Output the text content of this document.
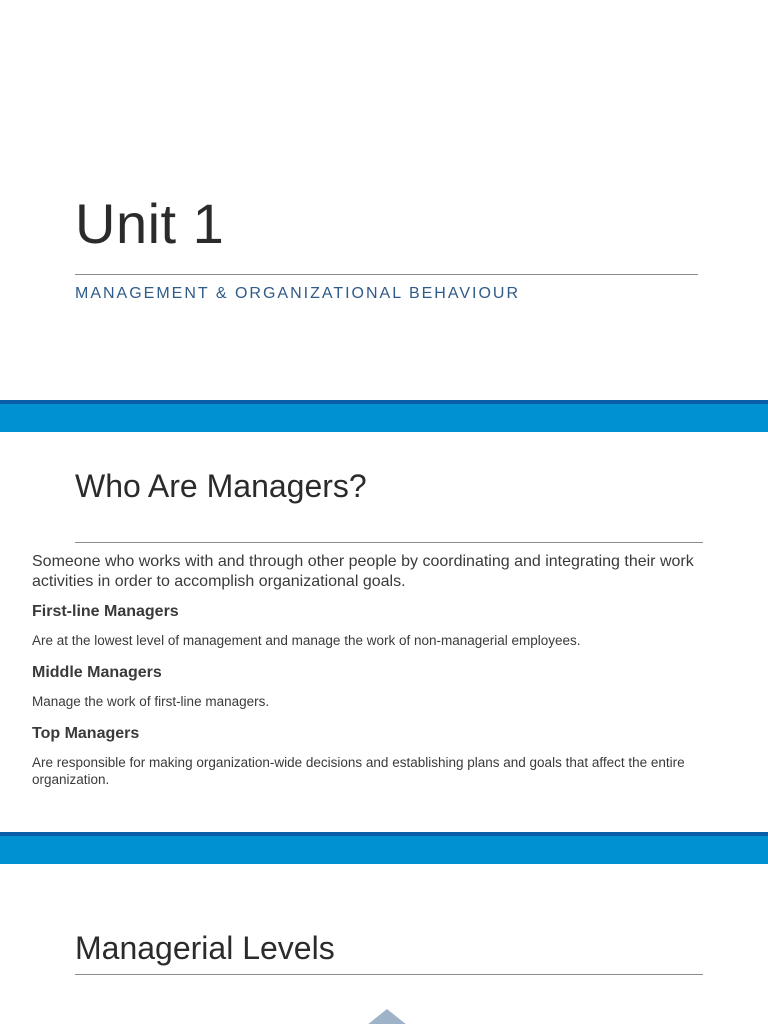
Unit 1
MANAGEMENT & ORGANIZATIONAL BEHAVIOUR
Who Are Managers?

Someone who works with and through other people by coordinating and integrating their work activities in order to accomplish organizational goals.

First-line Managers

Are at the lowest level of management and manage the work of non-managerial employees.

Middle Managers

Manage the work of first-line managers.

Top Managers

Are responsible for making organization-wide decisions and establishing plans and goals that affect the entire organization.

Managerial Levels
